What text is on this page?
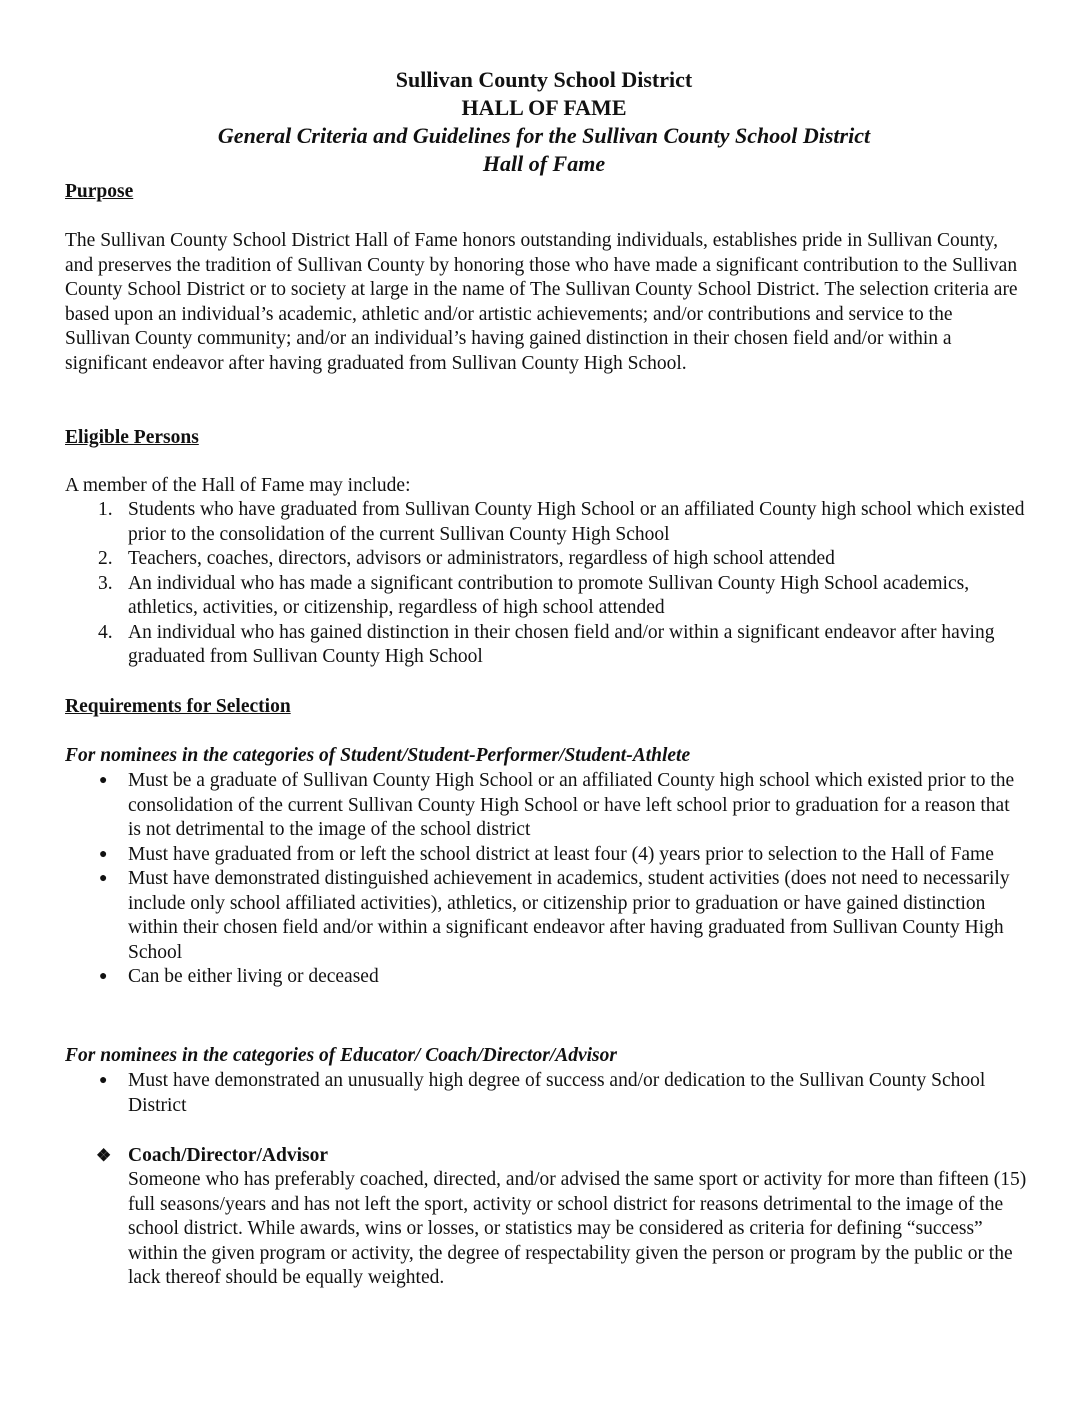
Sullivan County School District
HALL OF FAME
General Criteria and Guidelines for the Sullivan County School District
Hall of Fame
Purpose

The Sullivan County School District Hall of Fame honors outstanding individuals, establishes pride in Sullivan County, and preserves the tradition of Sullivan County by honoring those who have made a significant contribution to the Sullivan County School District or to society at large in the name of The Sullivan County School District. The selection criteria are based upon an individual’s academic, athletic and/or artistic achievements; and/or contributions and service to the Sullivan County community; and/or an individual’s having gained distinction in their chosen field and/or within a significant endeavor after having graduated from Sullivan County High School.

Eligible Persons
A member of the Hall of Fame may include:
1. Students who have graduated from Sullivan County High School or an affiliated County high school which existed prior to the consolidation of the current Sullivan County High School
2. Teachers, coaches, directors, advisors or administrators, regardless of high school attended
3. An individual who has made a significant contribution to promote Sullivan County High School academics, athletics, activities, or citizenship, regardless of high school attended
4. An individual who has gained distinction in their chosen field and/or within a significant endeavor after having graduated from Sullivan County High School
Requirements for Selection
For nominees in the categories of Student/Student-Performer/Student-Athlete
● Must be a graduate of Sullivan County High School or an affiliated County high school which existed prior to the consolidation of the current Sullivan County High School or have left school prior to graduation for a reason that is not detrimental to the image of the school district
● Must have graduated from or left the school district at least four (4) years prior to selection to the Hall of Fame
● Must have demonstrated distinguished achievement in academics, student activities (does not need to necessarily include only school affiliated activities), athletics, or citizenship prior to graduation or have gained distinction within their chosen field and/or within a significant endeavor after having graduated from Sullivan County High School
● Can be either living or deceased
For nominees in the categories of Educator/ Coach/Director/Advisor
● Must have demonstrated an unusually high degree of success and/or dedication to the Sullivan County School District
❖ Coach/Director/Advisor

Someone who has preferably coached, directed, and/or advised the same sport or activity for more than fifteen (15) full seasons/years and has not left the sport, activity or school district for reasons detrimental to the image of the school district. While awards, wins or losses, or statistics may be considered as criteria for defining “success” within the given program or activity, the degree of respectability given the person or program by the public or the lack thereof should be equally weighted.
